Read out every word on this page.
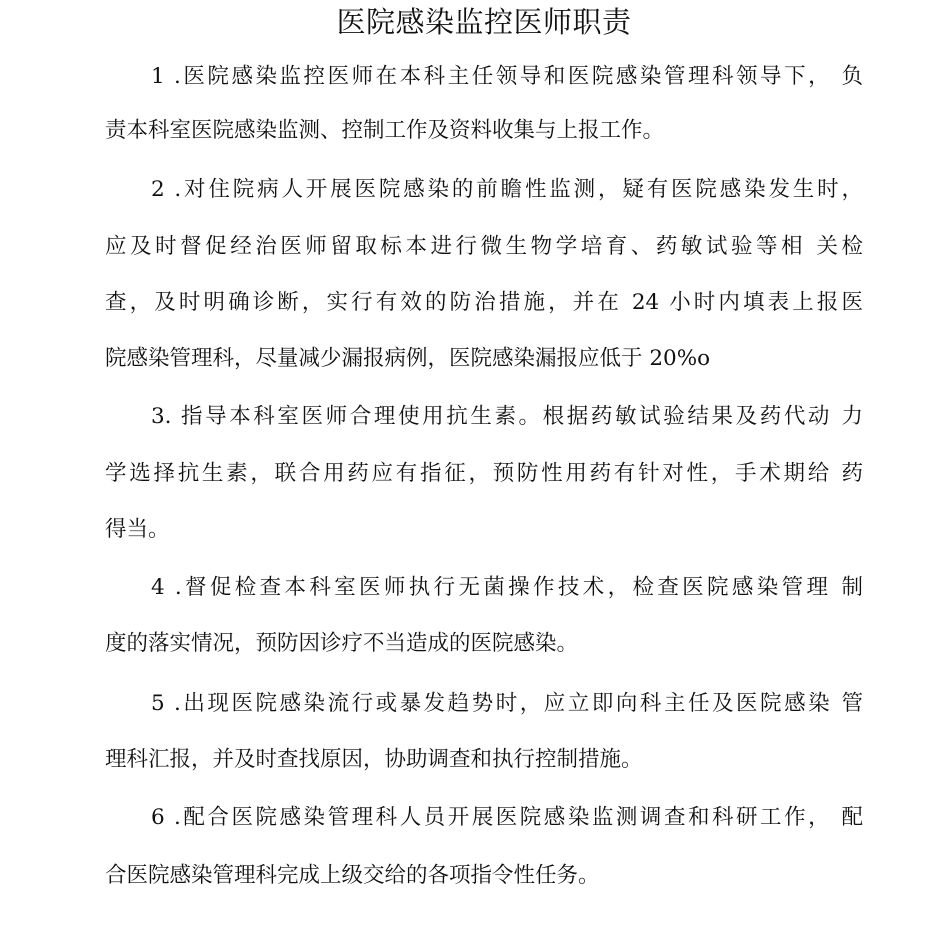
医院感染监控医师职责
1 .医院感染监控医师在本科主任领导和医院感染管理科领导下， 负
责本科室医院感染监测、控制工作及资料收集与上报工作。
2 .对住院病人开展医院感染的前瞻性监测，疑有医院感染发生时，
应及时督促经治医师留取标本进行微生物学培育、药敏试验等相 关检
查，及时明确诊断，实行有效的防治措施，并在 24 小时内填表上报医
院感染管理科，尽量减少漏报病例，医院感染漏报应低于 20%o
3. 指导本科室医师合理使用抗生素。根据药敏试验结果及药代动 力
学选择抗生素，联合用药应有指征，预防性用药有针对性，手术期给 药
得当。
4 .督促检查本科室医师执行无菌操作技术，检查医院感染管理 制
度的落实情况，预防因诊疗不当造成的医院感染。
5 .出现医院感染流行或暴发趋势时，应立即向科主任及医院感染 管
理科汇报，并及时查找原因，协助调查和执行控制措施。
6 .配合医院感染管理科人员开展医院感染监测调查和科研工作， 配
合医院感染管理科完成上级交给的各项指令性任务。
